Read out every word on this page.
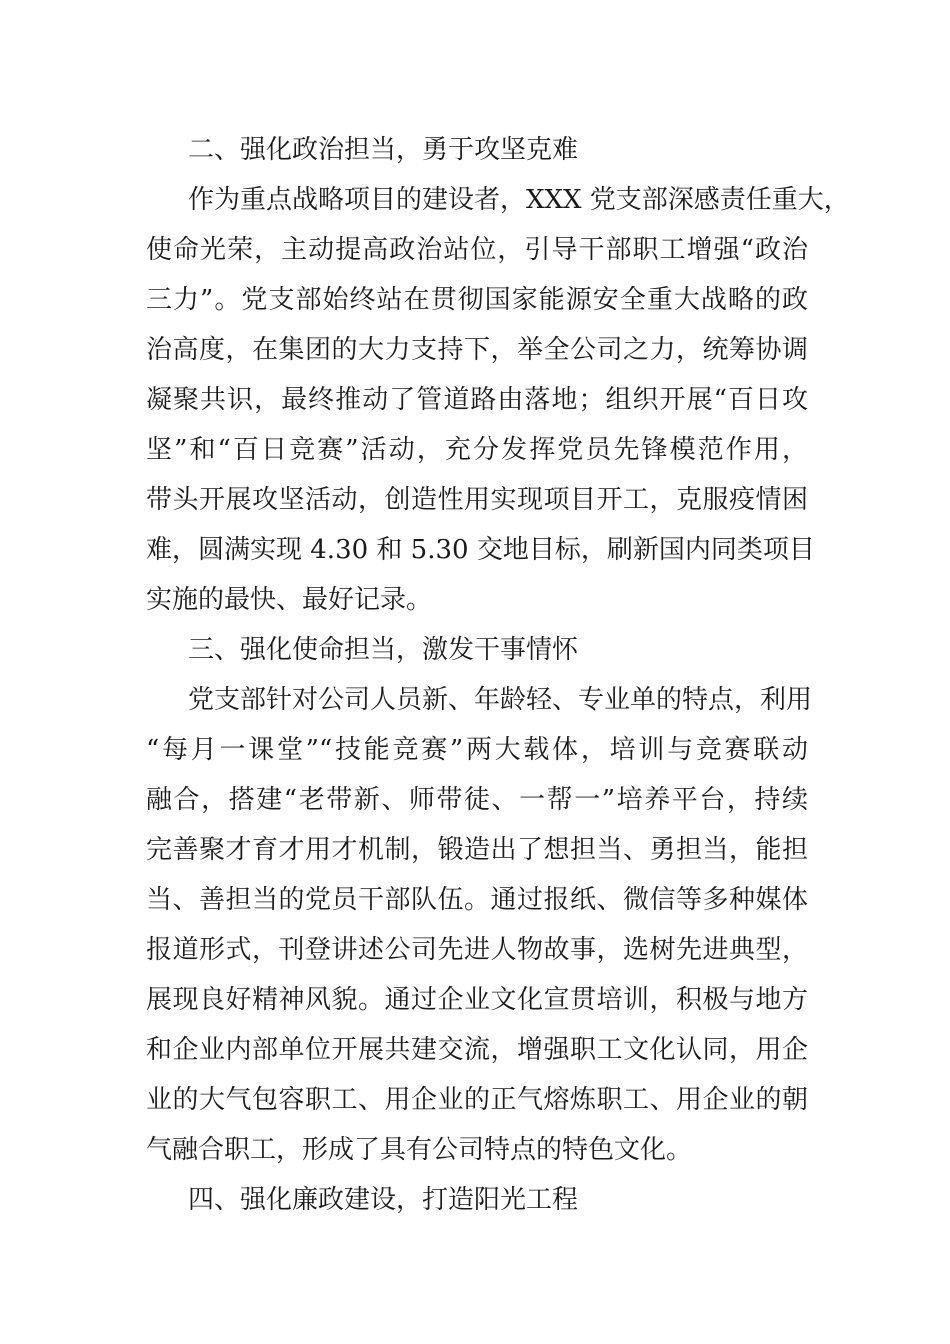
二、强化政治担当，勇于攻坚克难
作为重点战略项目的建设者，XXX 党支部深感责任重大，
使命光荣，主动提高政治站位，引导干部职工增强“政治
三力”。党支部始终站在贯彻国家能源安全重大战略的政
治高度，在集团的大力支持下，举全公司之力，统筹协调
凝聚共识，最终推动了管道路由落地；组织开展“百日攻
坚”和“百日竞赛”活动，充分发挥党员先锋模范作用，
带头开展攻坚活动，创造性用实现项目开工，克服疫情困
难，圆满实现 4.30 和 5.30 交地目标，刷新国内同类项目
实施的最快、最好记录。
三、强化使命担当，激发干事情怀
党支部针对公司人员新、年龄轻、专业单的特点，利用
“每月一课堂”“技能竞赛”两大载体，培训与竞赛联动
融合，搭建“老带新、师带徒、一帮一”培养平台，持续
完善聚才育才用才机制，锻造出了想担当、勇担当，能担
当、善担当的党员干部队伍。通过报纸、微信等多种媒体
报道形式，刊登讲述公司先进人物故事，选树先进典型，
展现良好精神风貌。通过企业文化宣贯培训，积极与地方
和企业内部单位开展共建交流，增强职工文化认同，用企
业的大气包容职工、用企业的正气熔炼职工、用企业的朝
气融合职工，形成了具有公司特点的特色文化。
四、强化廉政建设，打造阳光工程
